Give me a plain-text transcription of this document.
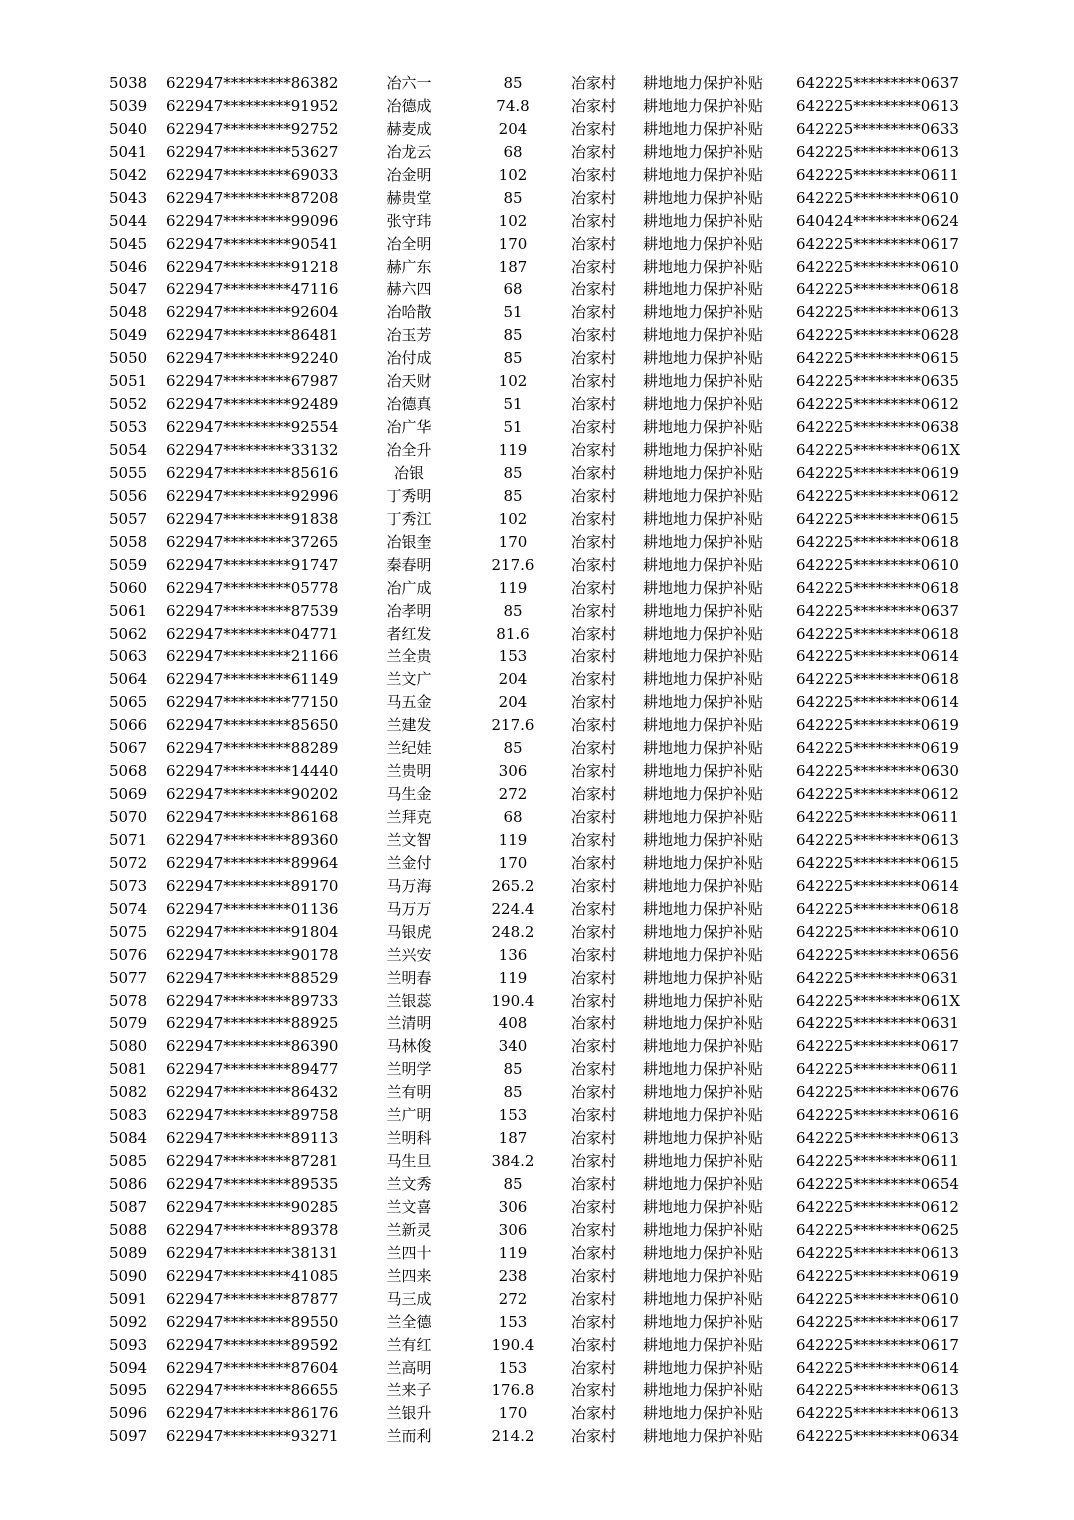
5038 622947*********86382	冶六一	85	冶家村 耕地地力保护补贴 642225*********0637
5039 622947*********91952	冶德成	74.8	冶家村 耕地地力保护补贴 642225*********0613
5040 622947*********92752	赫麦成	204	冶家村 耕地地力保护补贴 642225*********0633
5041 622947*********53627	冶龙云	68	冶家村 耕地地力保护补贴 642225*********0613
5042 622947*********69033	冶金明	102	冶家村 耕地地力保护补贴 642225*********0611
5043 622947*********87208	赫贵堂	85	冶家村 耕地地力保护补贴 642225*********0610
5044 622947*********99096	张守玮	102	冶家村 耕地地力保护补贴 640424*********0624
5045 622947*********90541	冶全明	170	冶家村 耕地地力保护补贴 642225*********0617
5046 622947*********91218	赫广东	187	冶家村 耕地地力保护补贴 642225*********0610
5047 622947*********47116	赫六四	68	冶家村 耕地地力保护补贴 642225*********0618
5048 622947*********92604	冶哈散	51	冶家村 耕地地力保护补贴 642225*********0613
5049 622947*********86481	冶玉芳	85	冶家村 耕地地力保护补贴 642225*********0628
5050 622947*********92240	冶付成	85	冶家村 耕地地力保护补贴 642225*********0615
5051 622947*********67987	冶天财	102	冶家村 耕地地力保护补贴 642225*********0635
5052 622947*********92489	冶德真	51	冶家村 耕地地力保护补贴 642225*********0612
5053 622947*********92554	冶广华	51	冶家村 耕地地力保护补贴 642225*********0638
5054 622947*********33132	冶全升	119	冶家村 耕地地力保护补贴 642225*********061X
5055 622947*********85616	冶银	85	冶家村 耕地地力保护补贴 642225*********0619
5056 622947*********92996	丁秀明	85	冶家村 耕地地力保护补贴 642225*********0612
5057 622947*********91838	丁秀江	102	冶家村 耕地地力保护补贴 642225*********0615
5058 622947*********37265	冶银奎	170	冶家村 耕地地力保护补贴 642225*********0618
5059 622947*********91747	秦春明	217.6	冶家村 耕地地力保护补贴 642225*********0610
5060 622947*********05778	冶广成	119	冶家村 耕地地力保护补贴 642225*********0618
5061 622947*********87539	冶孝明	85	冶家村 耕地地力保护补贴 642225*********0637
5062 622947*********04771	者红发	81.6	冶家村 耕地地力保护补贴 642225*********0618
5063 622947*********21166	兰全贵	153	冶家村 耕地地力保护补贴 642225*********0614
5064 622947*********61149	兰文广	204	冶家村 耕地地力保护补贴 642225*********0618
5065 622947*********77150	马五金	204	冶家村 耕地地力保护补贴 642225*********0614
5066 622947*********85650	兰建发	217.6	冶家村 耕地地力保护补贴 642225*********0619
5067 622947*********88289	兰纪娃	85	冶家村 耕地地力保护补贴 642225*********0619
5068 622947*********14440	兰贵明	306	冶家村 耕地地力保护补贴 642225*********0630
5069 622947*********90202	马生金	272	冶家村 耕地地力保护补贴 642225*********0612
5070 622947*********86168	兰拜克	68	冶家村 耕地地力保护补贴 642225*********0611
5071 622947*********89360	兰文智	119	冶家村 耕地地力保护补贴 642225*********0613
5072 622947*********89964	兰金付	170	冶家村 耕地地力保护补贴 642225*********0615
5073 622947*********89170	马万海	265.2	冶家村 耕地地力保护补贴 642225*********0614
5074 622947*********01136	马万万	224.4	冶家村 耕地地力保护补贴 642225*********0618
5075 622947*********91804	马银虎	248.2	冶家村 耕地地力保护补贴 642225*********0610
5076 622947*********90178	兰兴安	136	冶家村 耕地地力保护补贴 642225*********0656
5077 622947*********88529	兰明春	119	冶家村 耕地地力保护补贴 642225*********0631
5078 622947*********89733	兰银蕊	190.4	冶家村 耕地地力保护补贴 642225*********061X
5079 622947*********88925	兰清明	408	冶家村 耕地地力保护补贴 642225*********0631
5080 622947*********86390	马林俊	340	冶家村 耕地地力保护补贴 642225*********0617
5081 622947*********89477	兰明学	85	冶家村 耕地地力保护补贴 642225*********0611
5082 622947*********86432	兰有明	85	冶家村 耕地地力保护补贴 642225*********0676
5083 622947*********89758	兰广明	153	冶家村 耕地地力保护补贴 642225*********0616
5084 622947*********89113	兰明科	187	冶家村 耕地地力保护补贴 642225*********0613
5085 622947*********87281	马生旦	384.2	冶家村 耕地地力保护补贴 642225*********0611
5086 622947*********89535	兰文秀	85	冶家村 耕地地力保护补贴 642225*********0654
5087 622947*********90285	兰文喜	306	冶家村 耕地地力保护补贴 642225*********0612
5088 622947*********89378	兰新灵	306	冶家村 耕地地力保护补贴 642225*********0625
5089 622947*********38131	兰四十	119	冶家村 耕地地力保护补贴 642225*********0613
5090 622947*********41085	兰四来	238	冶家村 耕地地力保护补贴 642225*********0619
5091 622947*********87877	马三成	272	冶家村 耕地地力保护补贴 642225*********0610
5092 622947*********89550	兰全德	153	冶家村 耕地地力保护补贴 642225*********0617
5093 622947*********89592	兰有红	190.4	冶家村 耕地地力保护补贴 642225*********0617
5094 622947*********87604	兰高明	153	冶家村 耕地地力保护补贴 642225*********0614
5095 622947*********86655	兰来子	176.8	冶家村 耕地地力保护补贴 642225*********0613
5096 622947*********86176	兰银升	170	冶家村 耕地地力保护补贴 642225*********0613
5097 622947*********93271	兰而利	214.2	冶家村 耕地地力保护补贴 642225*********0634
